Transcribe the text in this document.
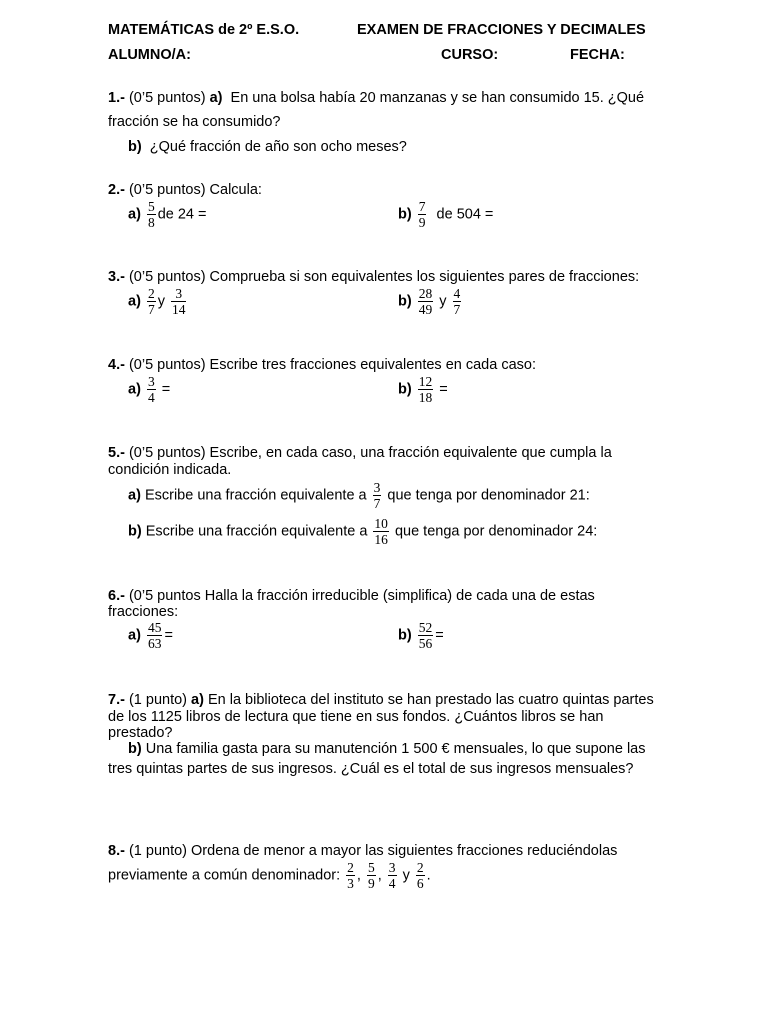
MATEMÁTICAS de 2º E.S.O.	EXAMEN DE FRACCIONES Y DECIMALES
ALUMNO/A:	CURSO:	FECHA:
1.- (0’5 puntos) a) En una bolsa había 20 manzanas y se han consumido 15. ¿Qué
fracción se ha consumido?
b) ¿Qué fracción de año son ocho meses?
2.- (0’5 puntos) Calcula:
$a) \frac{5}{8}$ de 24 =	$b) \frac{7}{9}$ de 504 =
3.- (0’5 puntos) Comprueba si son equivalentes los siguientes pares de fracciones:
$a) \frac{2}{7}$ y $\frac{3}{14}$	$b) \frac{28}{49}$ y $\frac{4}{7}$
4.- (0’5 puntos) Escribe tres fracciones equivalentes en cada caso:
$a) \frac{3}{4}$ =	$b) \frac{12}{18}$ =
5.- (0’5 puntos) Escribe, en cada caso, una fracción equivalente que cumpla la
condición indicada.
a) Escribe una fracción equivalente a $\frac{3}{7}$ que tenga por denominador 21:
b) Escribe una fracción equivalente a $\frac{10}{16}$ que tenga por denominador 24:
6.- (0’5 puntos Halla la fracción irreducible (simplifica) de cada una de estas
fracciones:
$a) \frac{45}{63}$ =	$b) \frac{52}{56}$ =
7.- (1 punto) a) En la biblioteca del instituto se han prestado las cuatro quintas partes
de los 1125 libros de lectura que tiene en sus fondos. ¿Cuántos libros se han
prestado?
b) Una familia gasta para su manutención 1 500 € mensuales, lo que supone las
tres quintas partes de sus ingresos. ¿Cuál es el total de sus ingresos mensuales?
8.- (1 punto) Ordena de menor a mayor las siguientes fracciones reduciéndolas
previamente a común denominador: $\frac{2}{3}$ , $\frac{5}{9}$ , $\frac{3}{4}$ y $\frac{2}{6}$ .
